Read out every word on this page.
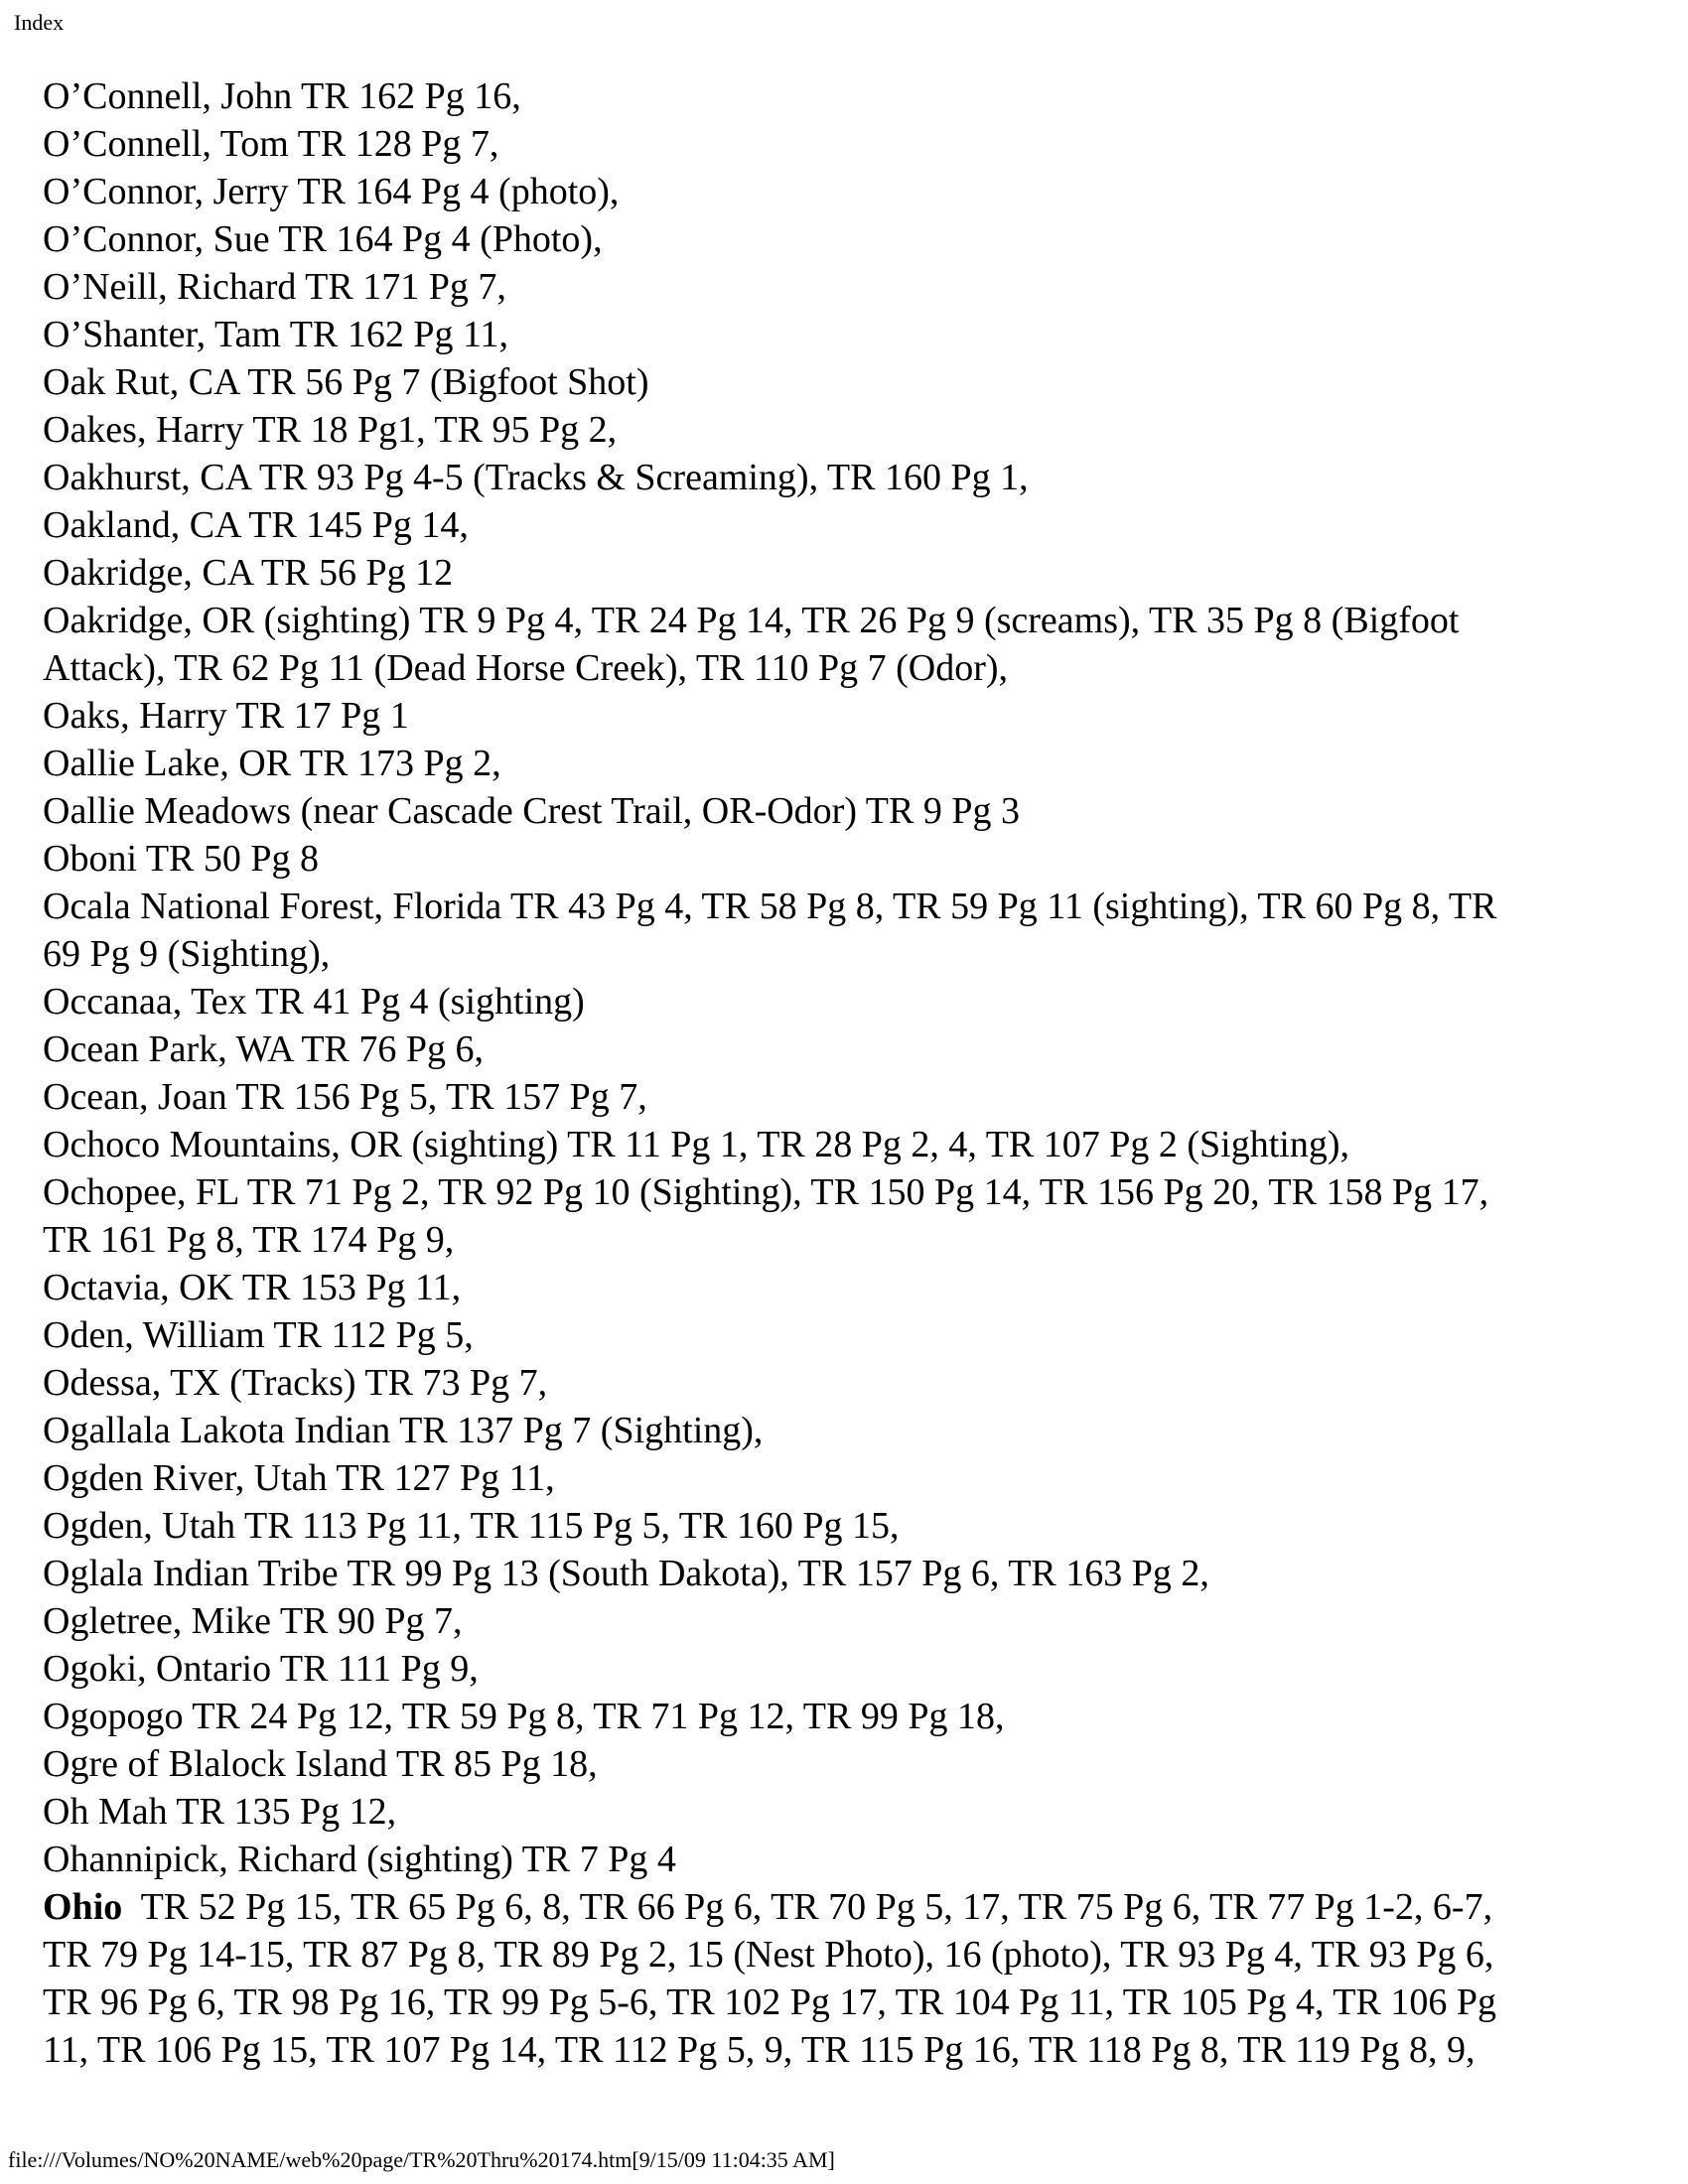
Index
O’Connell, John TR 162 Pg 16,
O’Connell, Tom TR 128 Pg 7,
O’Connor, Jerry TR 164 Pg 4 (photo),
O’Connor, Sue TR 164 Pg 4 (Photo),
O’Neill, Richard TR 171 Pg 7,
O’Shanter, Tam TR 162 Pg 11,
Oak Rut, CA TR 56 Pg 7 (Bigfoot Shot)
Oakes, Harry TR 18 Pg1, TR 95 Pg 2,
Oakhurst, CA TR 93 Pg 4-5 (Tracks & Screaming), TR 160 Pg 1,
Oakland, CA TR 145 Pg 14,
Oakridge, CA TR 56 Pg 12
Oakridge, OR (sighting) TR 9 Pg 4, TR 24 Pg 14, TR 26 Pg 9 (screams), TR 35 Pg 8 (Bigfoot
Attack), TR 62 Pg 11 (Dead Horse Creek), TR 110 Pg 7 (Odor),
Oaks, Harry TR 17 Pg 1
Oallie Lake, OR TR 173 Pg 2,
Oallie Meadows (near Cascade Crest Trail, OR-Odor) TR 9 Pg 3
Oboni TR 50 Pg 8
Ocala National Forest, Florida TR 43 Pg 4, TR 58 Pg 8, TR 59 Pg 11 (sighting), TR 60 Pg 8, TR
69 Pg 9 (Sighting),
Occanaa, Tex TR 41 Pg 4 (sighting)
Ocean Park, WA TR 76 Pg 6,
Ocean, Joan TR 156 Pg 5, TR 157 Pg 7,
Ochoco Mountains, OR (sighting) TR 11 Pg 1, TR 28 Pg 2, 4, TR 107 Pg 2 (Sighting),
Ochopee, FL TR 71 Pg 2, TR 92 Pg 10 (Sighting), TR 150 Pg 14, TR 156 Pg 20, TR 158 Pg 17,
TR 161 Pg 8, TR 174 Pg 9,
Octavia, OK TR 153 Pg 11,
Oden, William TR 112 Pg 5,
Odessa, TX (Tracks) TR 73 Pg 7,
Ogallala Lakota Indian TR 137 Pg 7 (Sighting),
Ogden River, Utah TR 127 Pg 11,
Ogden, Utah TR 113 Pg 11, TR 115 Pg 5, TR 160 Pg 15,
Oglala Indian Tribe TR 99 Pg 13 (South Dakota), TR 157 Pg 6, TR 163 Pg 2,
Ogletree, Mike TR 90 Pg 7,
Ogoki, Ontario TR 111 Pg 9,
Ogopogo TR 24 Pg 12, TR 59 Pg 8, TR 71 Pg 12, TR 99 Pg 18,
Ogre of Blalock Island TR 85 Pg 18,
Oh Mah TR 135 Pg 12,
Ohannipick, Richard (sighting) TR 7 Pg 4
Ohio  TR 52 Pg 15, TR 65 Pg 6, 8, TR 66 Pg 6, TR 70 Pg 5, 17, TR 75 Pg 6, TR 77 Pg 1-2, 6-7,
TR 79 Pg 14-15, TR 87 Pg 8, TR 89 Pg 2, 15 (Nest Photo), 16 (photo), TR 93 Pg 4, TR 93 Pg 6,
TR 96 Pg 6, TR 98 Pg 16, TR 99 Pg 5-6, TR 102 Pg 17, TR 104 Pg 11, TR 105 Pg 4, TR 106 Pg
11, TR 106 Pg 15, TR 107 Pg 14, TR 112 Pg 5, 9, TR 115 Pg 16, TR 118 Pg 8, TR 119 Pg 8, 9,
file:///Volumes/NO%20NAME/web%20page/TR%20Thru%20174.htm[9/15/09 11:04:35 AM]
